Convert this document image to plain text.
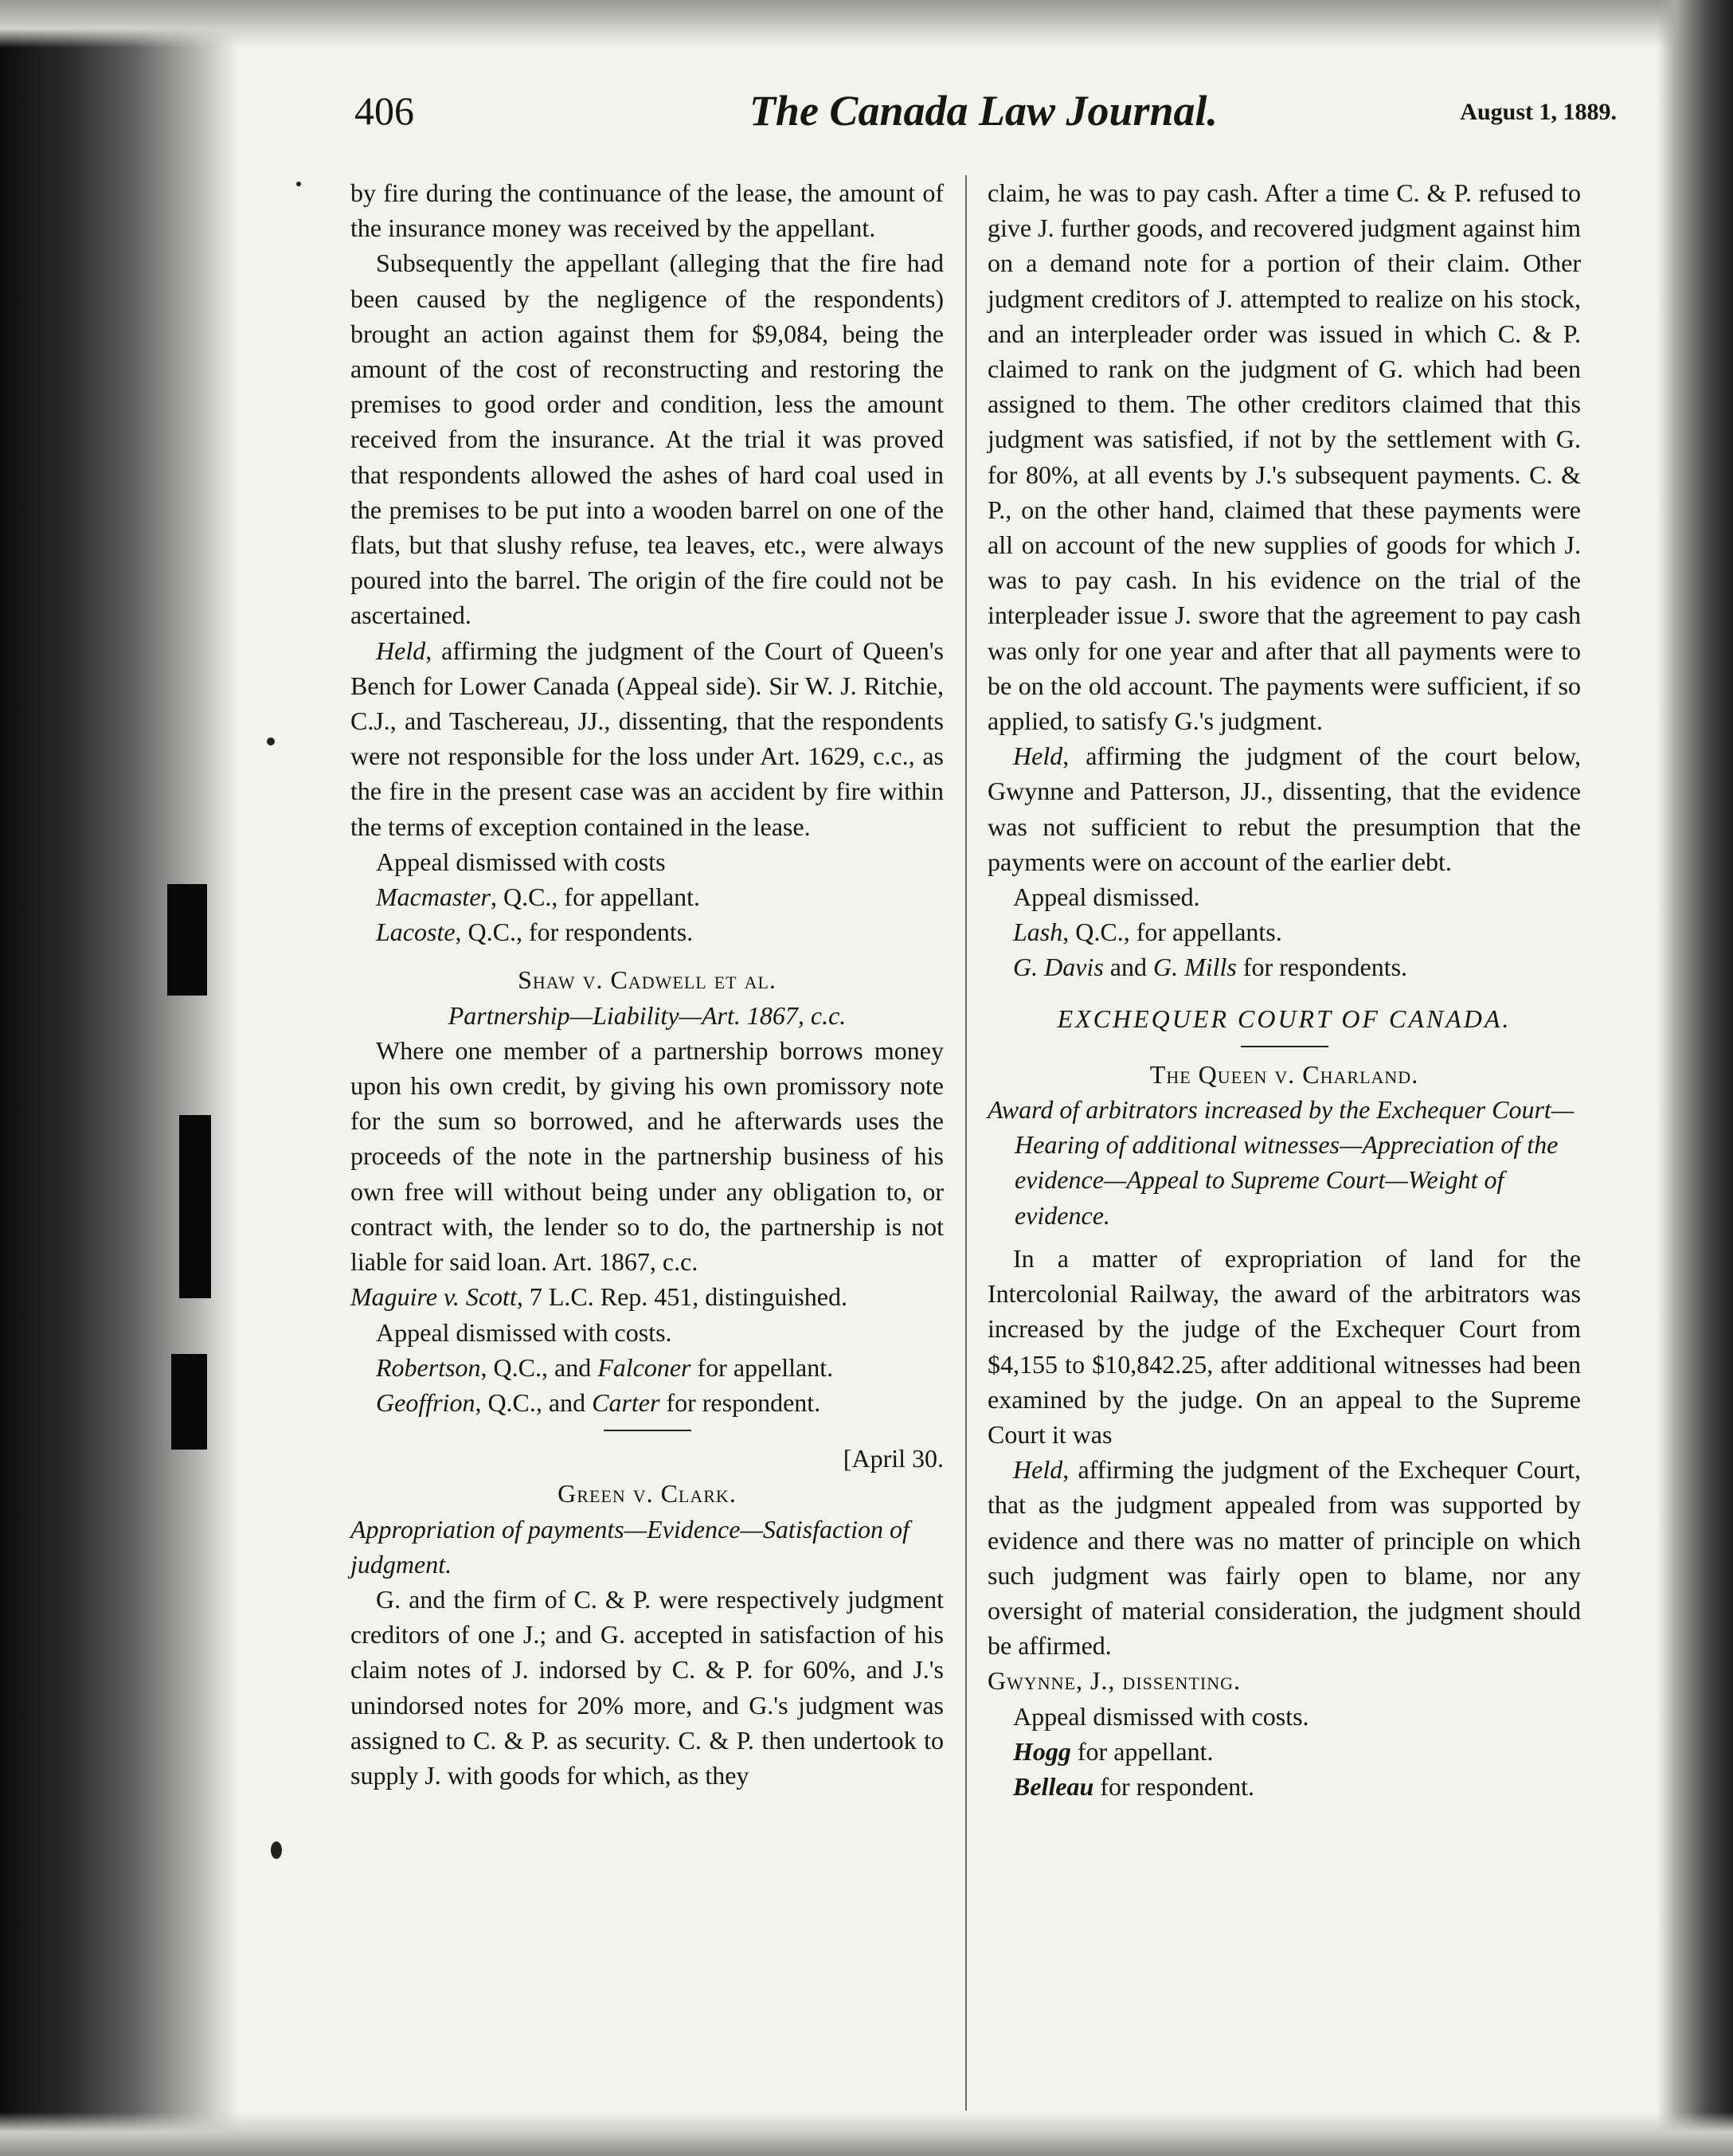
406	The Canada Law Journal.	August 1, 1889.

by fire during the continuance of the lease, the amount of the insurance money was received by the appellant.

Subsequently the appellant (alleging that the fire had been caused by the negligence of the respondents) brought an action against them for $9,084, being the amount of the cost of reconstructing and restoring the premises to good order and condition, less the amount received from the insurance. At the trial it was proved that respondents allowed the ashes of hard coal used in the premises to be put into a wooden barrel on one of the flats, but that slushy refuse, tea leaves, etc., were always poured into the barrel. The origin of the fire could not be ascertained.

Held, affirming the judgment of the Court of Queen's Bench for Lower Canada (Appeal side). Sir W. J. Ritchie, C.J., and Taschereau, JJ., dissenting, that the respondents were not responsible for the loss under Art. 1629, c.c., as the fire in the present case was an accident by fire within the terms of exception contained in the lease.

Appeal dismissed with costs
Macmaster, Q.C., for appellant.
Lacoste, Q.C., for respondents.
Shaw v. Cadwell et al.
Partnership—Liability—Art. 1867, c.c.

Where one member of a partnership borrows money upon his own credit, by giving his own promissory note for the sum so borrowed, and he afterwards uses the proceeds of the note in the partnership business of his own free will without being under any obligation to, or contract with, the lender so to do, the partnership is not liable for said loan. Art. 1867, c.c.

Maguire v. Scott, 7 L.C. Rep. 451, distinguished.
Appeal dismissed with costs.
Robertson, Q.C., and Falconer for appellant.
Geoffrion, Q.C., and Carter for respondent.
[April 30.
Green v. Clark.
Appropriation of payments—Evidence—Satisfaction of judgment.

G. and the firm of C. & P. were respectively judgment creditors of one J.; and G. accepted in satisfaction of his claim notes of J. indorsed by C. & P. for 60%, and J.'s unindorsed notes for 20% more, and G.'s judgment was assigned to C. & P. as security. C. & P. then undertook to supply J. with goods for which, as they

claim, he was to pay cash. After a time C. & P. refused to give J. further goods, and recovered judgment against him on a demand note for a portion of their claim. Other judgment creditors of J. attempted to realize on his stock, and an interpleader order was issued in which C. & P. claimed to rank on the judgment of G. which had been assigned to them. The other creditors claimed that this judgment was satisfied, if not by the settlement with G. for 80%, at all events by J.'s subsequent payments. C. & P., on the other hand, claimed that these payments were all on account of the new supplies of goods for which J. was to pay cash. In his evidence on the trial of the interpleader issue J. swore that the agreement to pay cash was only for one year and after that all payments were to be on the old account. The payments were sufficient, if so applied, to satisfy G.'s judgment.

Held, affirming the judgment of the court below, Gwynne and Patterson, JJ., dissenting, that the evidence was not sufficient to rebut the presumption that the payments were on account of the earlier debt.

Appeal dismissed.
Lash, Q.C., for appellants.
G. Davis and G. Mills for respondents.
EXCHEQUER COURT OF CANADA.
The Queen v. Charland.
Award of arbitrators increased by the Exchequer Court—Hearing of additional witnesses—Appreciation of the evidence—Appeal to Supreme Court—Weight of evidence.

In a matter of expropriation of land for the Intercolonial Railway, the award of the arbitrators was increased by the judge of the Exchequer Court from $4,155 to $10,842.25, after additional witnesses had been examined by the judge. On an appeal to the Supreme Court it was

Held, affirming the judgment of the Exchequer Court, that as the judgment appealed from was supported by evidence and there was no matter of principle on which such judgment was fairly open to blame, nor any oversight of material consideration, the judgment should be affirmed.

Gwynne, J., dissenting.
Appeal dismissed with costs.
Hogg for appellant.
Belleau for respondent.
